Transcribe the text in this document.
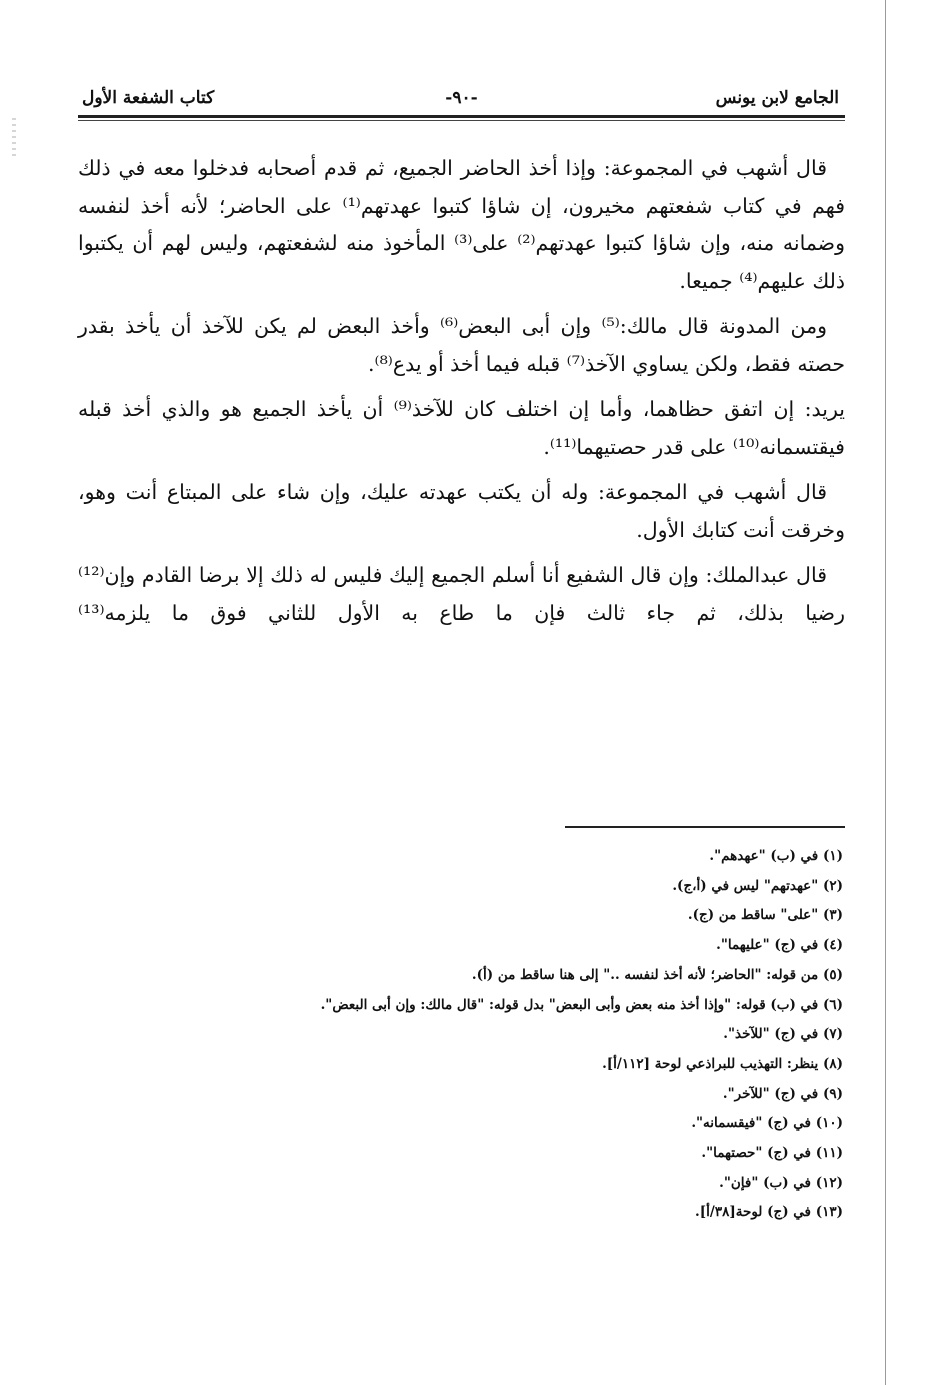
الجامع لابن يونس
-٩٠-
كتاب الشفعة الأول

قال أشهب في المجموعة: وإذا أخذ الحاضر الجميع، ثم قدم أصحابه فدخلوا معه في ذلك فهم في كتاب شفعتهم مخيرون، إن شاؤا كتبوا عهدتهم⁽¹⁾ على الحاضر؛ لأنه أخذ لنفسه وضمانه منه، وإن شاؤا كتبوا عهدتهم⁽²⁾ على⁽³⁾ المأخوذ منه لشفعتهم، وليس لهم أن يكتبوا ذلك عليهم⁽⁴⁾ جميعا.

ومن المدونة قال مالك:⁽⁵⁾ وإن أبى البعض⁽⁶⁾ وأخذ البعض لم يكن للآخذ أن يأخذ بقدر حصته فقط، ولكن يساوي الآخذ⁽⁷⁾ قبله فيما أخذ أو يدع⁽⁸⁾.

يريد: إن اتفق حظاهما، وأما إن اختلف كان للآخذ⁽⁹⁾ أن يأخذ الجميع هو والذي أخذ قبله فيقتسمانه⁽¹⁰⁾ على قدر حصتيهما⁽¹¹⁾.

قال أشهب في المجموعة: وله أن يكتب عهدته عليك، وإن شاء على المبتاع أنت وهو، وخرقت أنت كتابك الأول.

قال عبدالملك: وإن قال الشفيع أنا أسلم الجميع إليك فليس له ذلك إلا برضا القادم وإن⁽¹²⁾ رضيا بذلك، ثم جاء ثالث فإن ما طاع به الأول للثاني فوق ما يلزمه⁽¹³⁾

(١) في (ب) "عهدهم".
(٢) "عهدتهم" ليس في (أ،ج).
(٣) "على" ساقط من (ج).
(٤) في (ج) "عليهما".
(٥) من قوله: "الحاضر؛ لأنه أخذ لنفسه .." إلى هنا ساقط من (أ).
(٦) في (ب) قوله: "وإذا أخذ منه بعض وأبى البعض" بدل قوله: "قال مالك: وإن أبى البعض".
(٧) في (ج) "للآخذ".
(٨) ينظر: التهذيب للبراذعي لوحة [١١٢/أ].
(٩) في (ج) "للآخر".
(١٠) في (ج) "فيقسمانه".
(١١) في (ج) "حصتهما".
(١٢) في (ب) "فإن".
(١٣) في (ج) لوحة[٣٨/أ].
